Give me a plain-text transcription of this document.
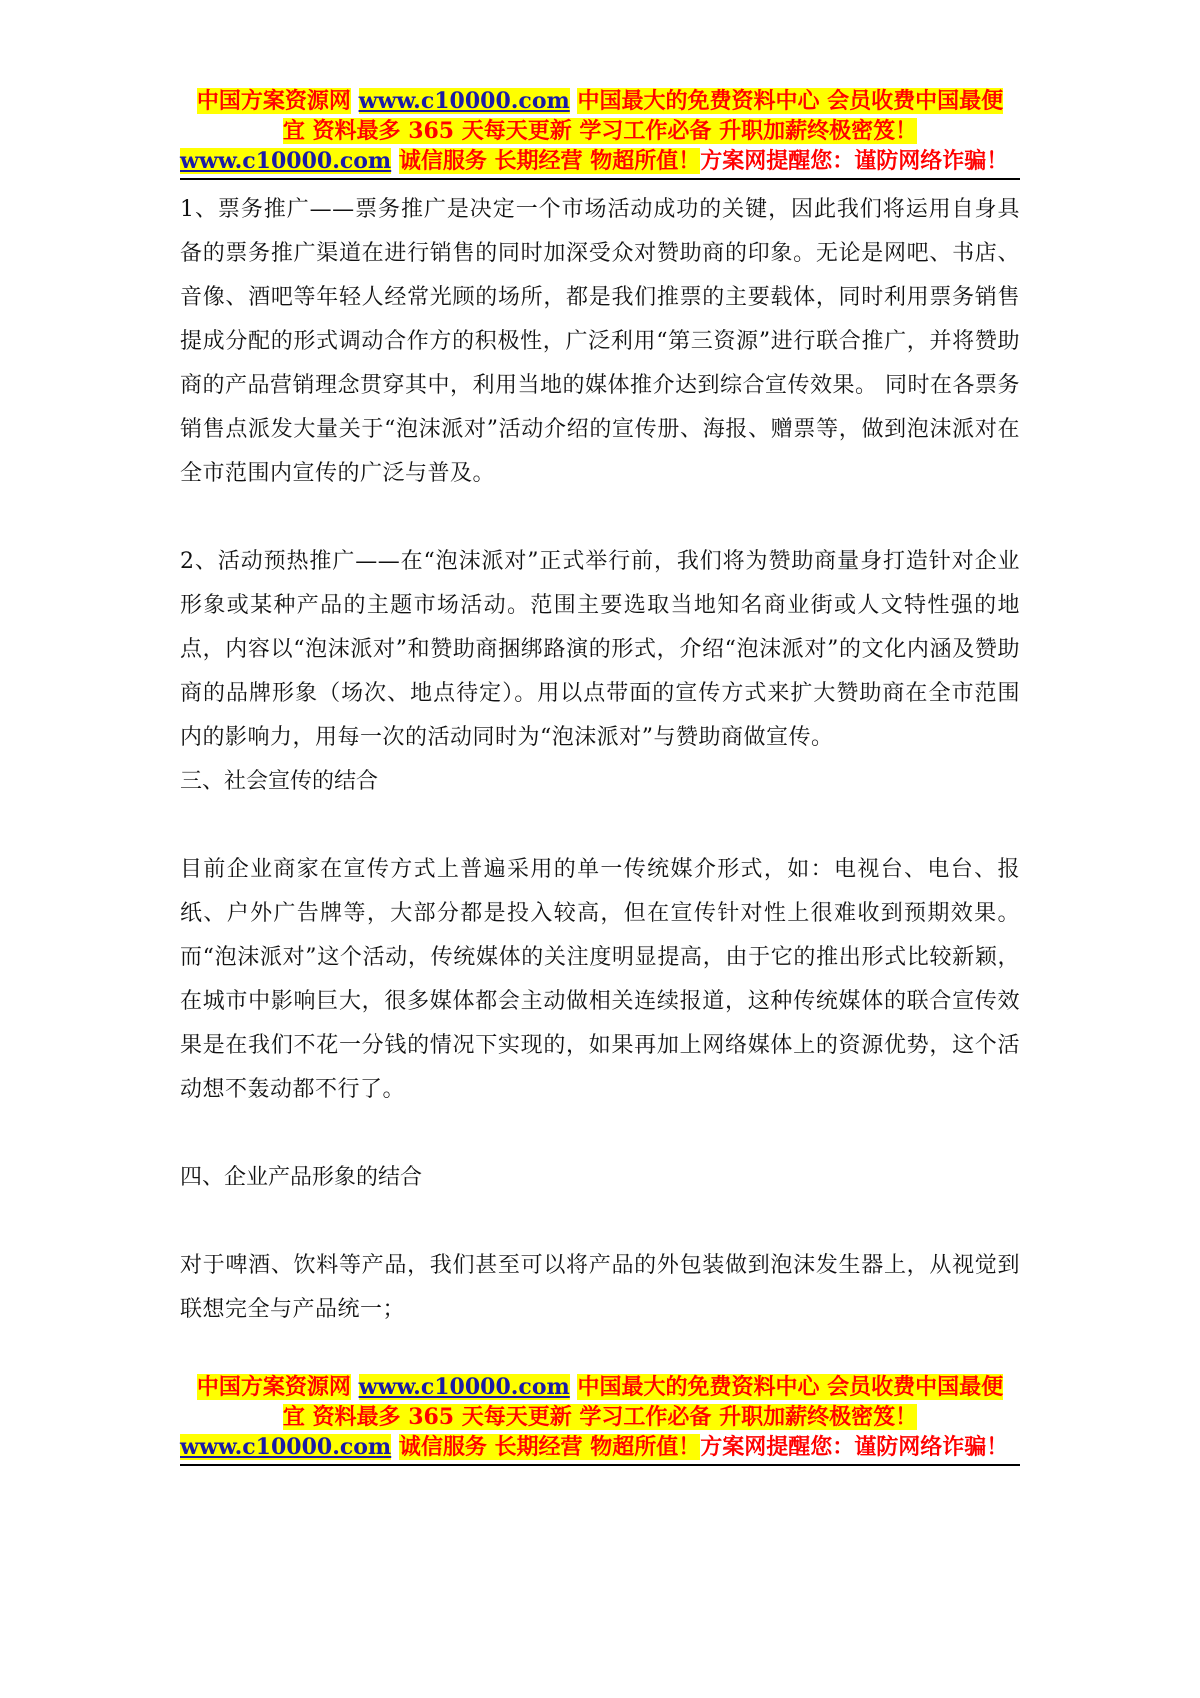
中国方案资源网 www.c10000.com 中国最大的免费资料中心 会员收费中国最便
宜 资料最多 365 天每天更新 学习工作必备 升职加薪终极密笈！
www.c10000.com 诚信服务 长期经营 物超所值！方案网提醒您：谨防网络诈骗！

1、票务推广——票务推广是决定一个市场活动成功的关键，因此我们将运用自身具备的票务推广渠道在进行销售的同时加深受众对赞助商的印象。无论是网吧、书店、音像、酒吧等年轻人经常光顾的场所，都是我们推票的主要载体，同时利用票务销售提成分配的形式调动合作方的积极性，广泛利用“第三资源”进行联合推广，并将赞助商的产品营销理念贯穿其中，利用当地的媒体推介达到综合宣传效果。 同时在各票务销售点派发大量关于“泡沫派对”活动介绍的宣传册、海报、赠票等，做到泡沫派对在全市范围内宣传的广泛与普及。

2、活动预热推广——在“泡沫派对”正式举行前，我们将为赞助商量身打造针对企业形象或某种产品的主题市场活动。范围主要选取当地知名商业街或人文特性强的地点，内容以“泡沫派对”和赞助商捆绑路演的形式，介绍“泡沫派对”的文化内涵及赞助商的品牌形象（场次、地点待定）。用以点带面的宣传方式来扩大赞助商在全市范围内的影响力，用每一次的活动同时为“泡沫派对”与赞助商做宣传。

三、社会宣传的结合

目前企业商家在宣传方式上普遍采用的单一传统媒介形式，如：电视台、电台、报纸、户外广告牌等，大部分都是投入较高，但在宣传针对性上很难收到预期效果。而“泡沫派对”这个活动，传统媒体的关注度明显提高，由于它的推出形式比较新颖，在城市中影响巨大，很多媒体都会主动做相关连续报道，这种传统媒体的联合宣传效果是在我们不花一分钱的情况下实现的，如果再加上网络媒体上的资源优势，这个活动想不轰动都不行了。

四、企业产品形象的结合

对于啤酒、饮料等产品，我们甚至可以将产品的外包装做到泡沫发生器上，从视觉到联想完全与产品统一；

中国方案资源网 www.c10000.com 中国最大的免费资料中心 会员收费中国最便
宜 资料最多 365 天每天更新 学习工作必备 升职加薪终极密笈！
www.c10000.com 诚信服务 长期经营 物超所值！方案网提醒您：谨防网络诈骗！
